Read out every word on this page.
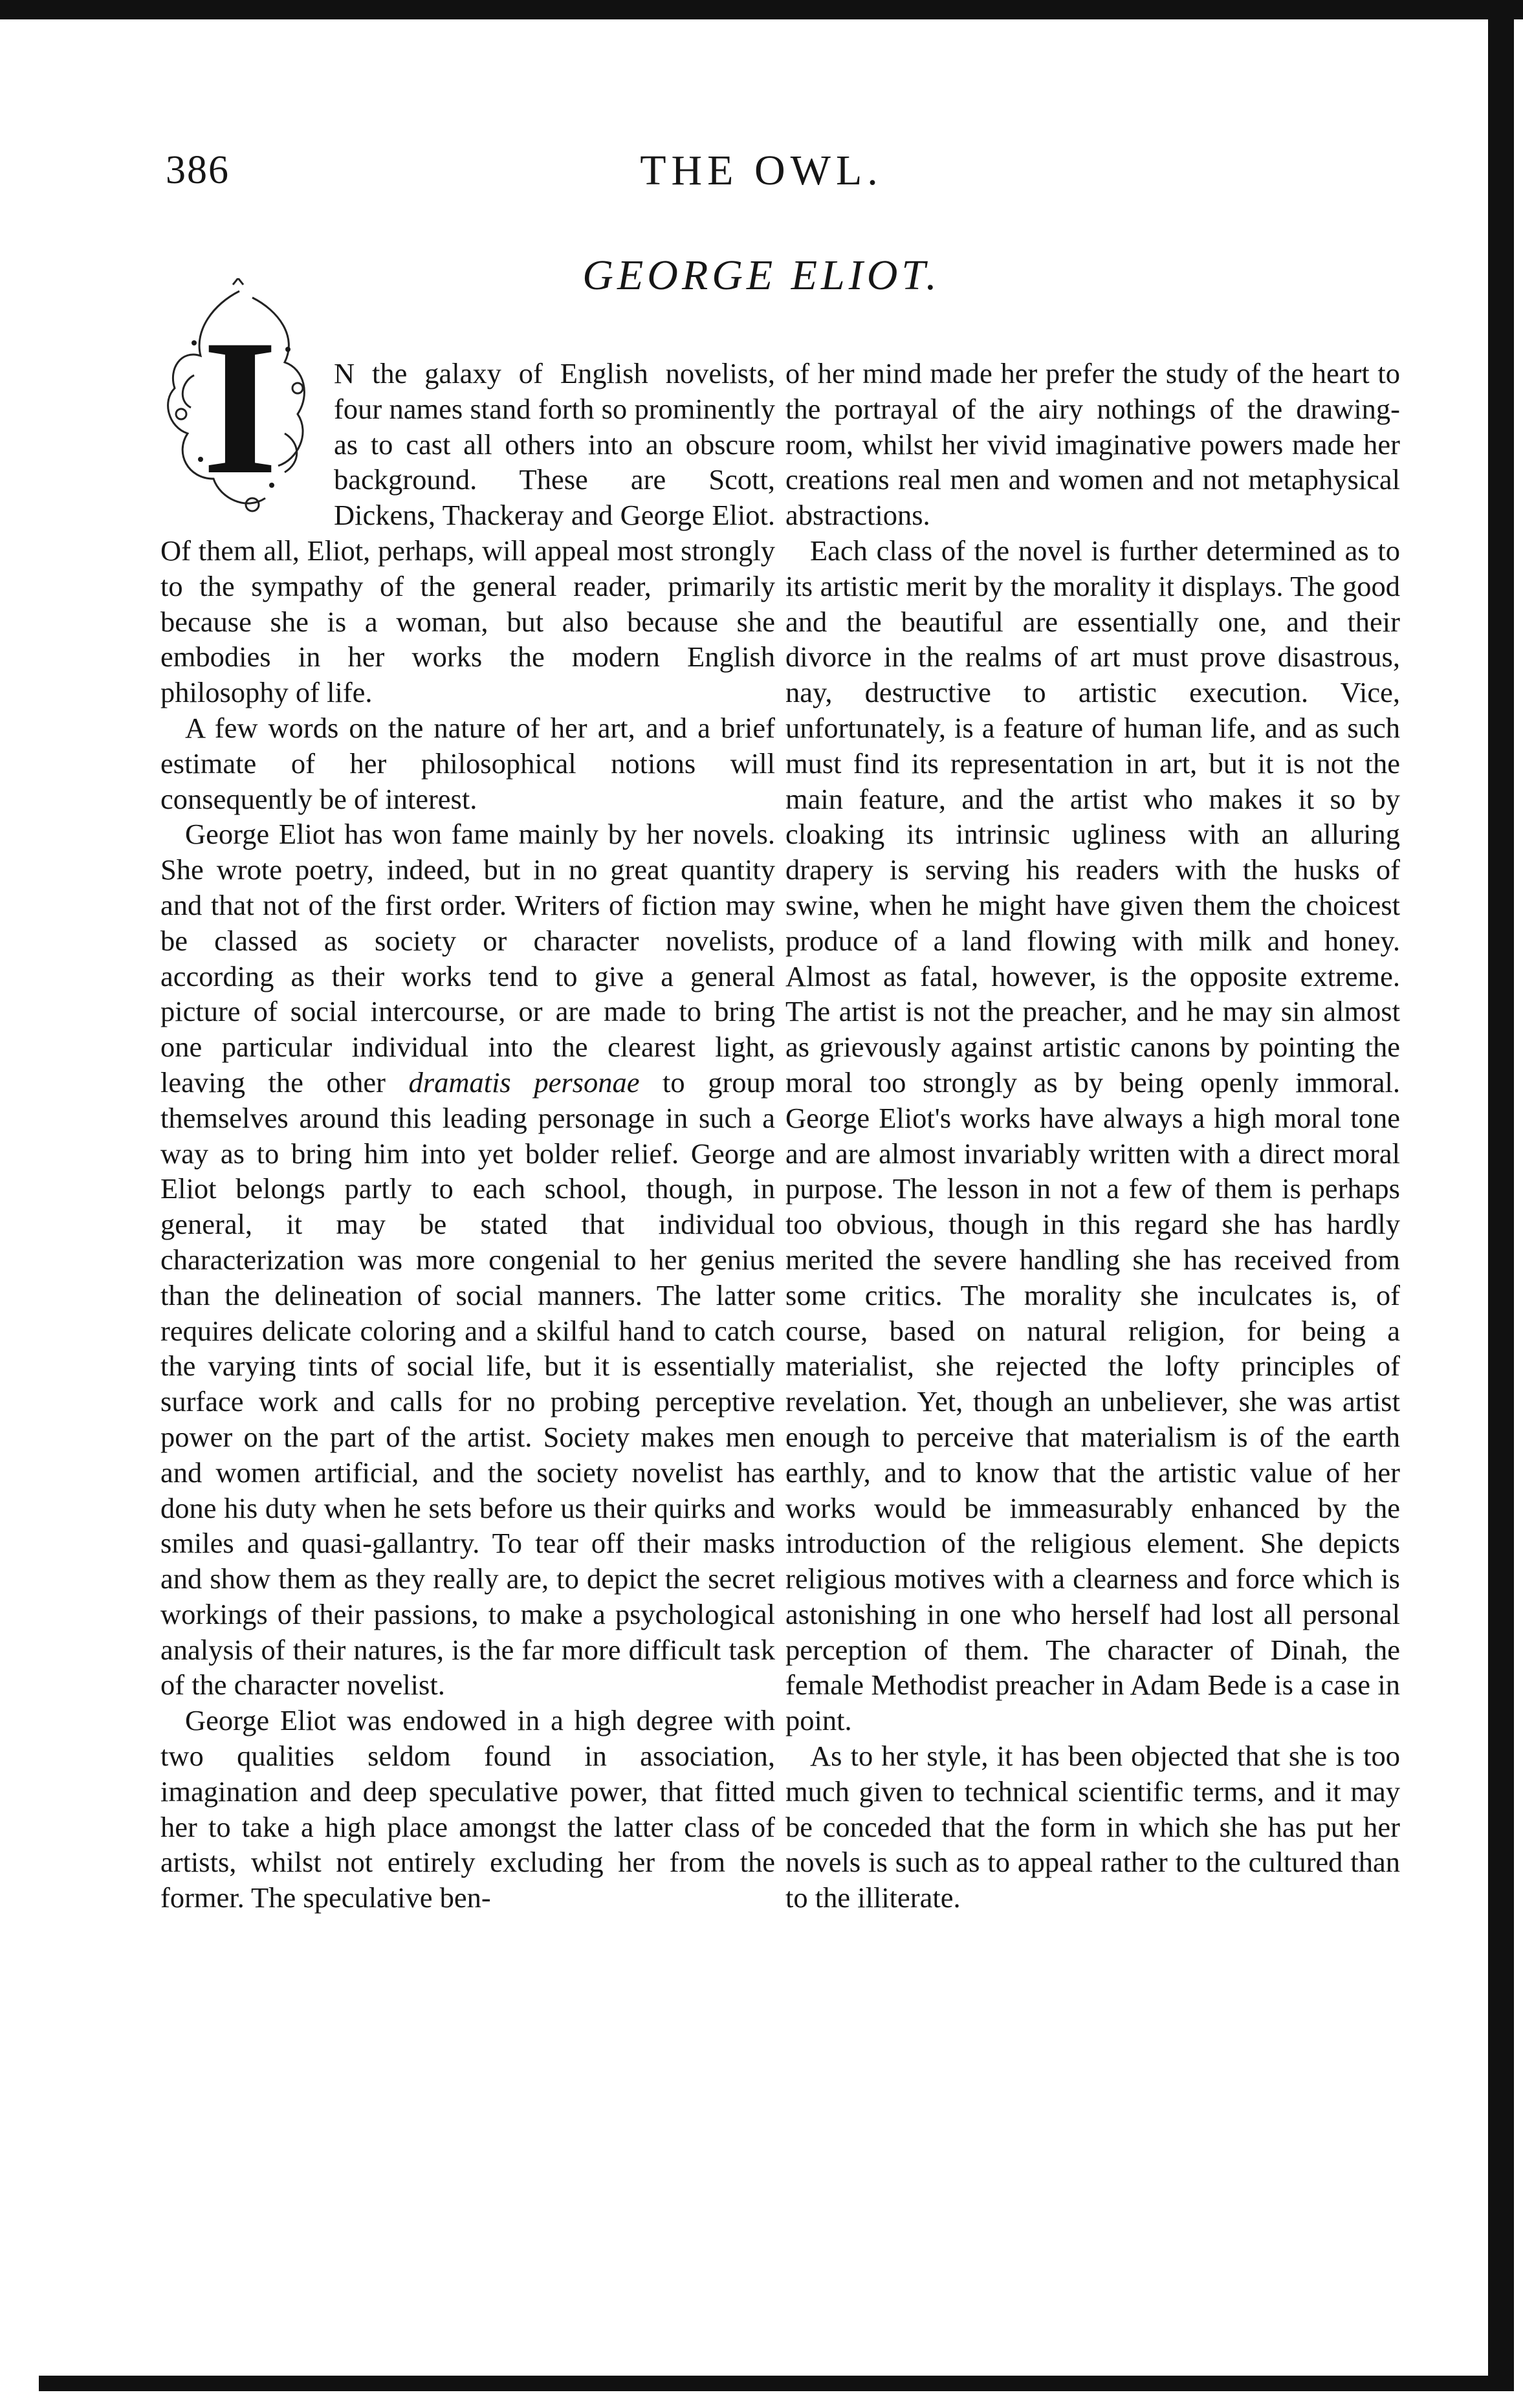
386	THE OWL.
GEORGE ELIOT.
I	N the galaxy of English novelists, four names stand forth so prominently as to cast all others into an obscure background. These are Scott, Dickens, Thackeray and George Eliot. Of them all, Eliot, perhaps, will appeal most strongly to the sympathy of the general reader, primarily because she is a woman, but also because she embodies in her works the modern English philosophy of life.

A few words on the nature of her art, and a brief estimate of her philosophical notions will consequently be of interest.

George Eliot has won fame mainly by her novels. She wrote poetry, indeed, but in no great quantity and that not of the first order. Writers of fiction may be classed as society or character novelists, according as their works tend to give a general picture of social intercourse, or are made to bring one particular individual into the clearest light, leaving the other dramatis personae to group themselves around this leading personage in such a way as to bring him into yet bolder relief. George Eliot belongs partly to each school, though, in general, it may be stated that individual characterization was more congenial to her genius than the delineation of social manners. The latter requires delicate coloring and a skilful hand to catch the varying tints of social life, but it is essentially surface work and calls for no probing perceptive power on the part of the artist. Society makes men and women artificial, and the society novelist has done his duty when he sets before us their quirks and smiles and quasi-gallantry. To tear off their masks and show them as they really are, to depict the secret workings of their passions, to make a psychological analysis of their natures, is the far more difficult task of the character novelist.

George Eliot was endowed in a high degree with two qualities seldom found in association, imagination and deep speculative power, that fitted her to take a high place amongst the latter class of artists, whilst not entirely excluding her from the former. The speculative ben-

of her mind made her prefer the study of the heart to the portrayal of the airy nothings of the drawing-room, whilst her vivid imaginative powers made her creations real men and women and not metaphysical abstractions.

Each class of the novel is further determined as to its artistic merit by the morality it displays. The good and the beautiful are essentially one, and their divorce in the realms of art must prove disastrous, nay, destructive to artistic execution. Vice, unfortunately, is a feature of human life, and as such must find its representation in art, but it is not the main feature, and the artist who makes it so by cloaking its intrinsic ugliness with an alluring drapery is serving his readers with the husks of swine, when he might have given them the choicest produce of a land flowing with milk and honey. Almost as fatal, however, is the opposite extreme. The artist is not the preacher, and he may sin almost as grievously against artistic canons by pointing the moral too strongly as by being openly immoral. George Eliot's works have always a high moral tone and are almost invariably written with a direct moral purpose. The lesson in not a few of them is perhaps too obvious, though in this regard she has hardly merited the severe handling she has received from some critics. The morality she inculcates is, of course, based on natural religion, for being a materialist, she rejected the lofty principles of revelation. Yet, though an unbeliever, she was artist enough to perceive that materialism is of the earth earthly, and to know that the artistic value of her works would be immeasurably enhanced by the introduction of the religious element. She depicts religious motives with a clearness and force which is astonishing in one who herself had lost all personal perception of them. The character of Dinah, the female Methodist preacher in Adam Bede is a case in point.

As to her style, it has been objected that she is too much given to technical scientific terms, and it may be conceded that the form in which she has put her novels is such as to appeal rather to the cultured than to the illiterate.
